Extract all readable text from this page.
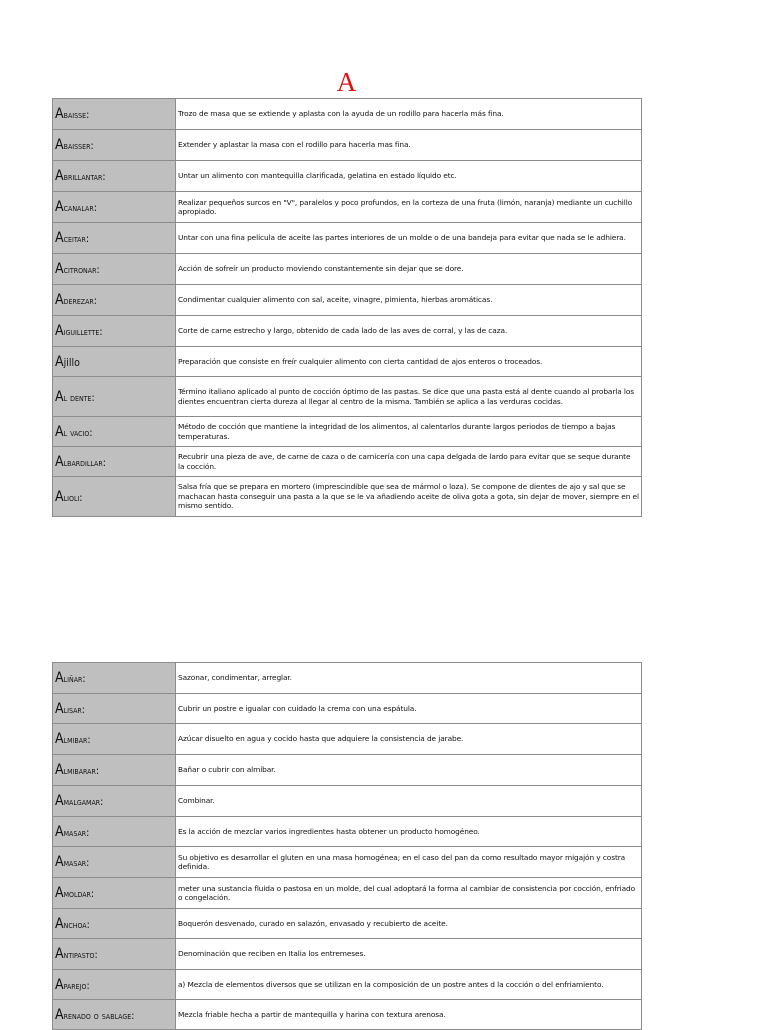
A
Abaisse:	Trozo de masa que se extiende y aplasta con la ayuda de un rodillo para hacerla más fina.
Abaisser:	Extender y aplastar la masa con el rodillo para hacerla mas fina.
Abrillantar:	Untar un alimento con mantequilla clarificada, gelatina en estado líquido etc.
Acanalar:	Realizar pequeños surcos en "V", paralelos y poco profundos, en la corteza de una fruta (limón, naranja) mediante un cuchillo apropiado.
Aceitar:	Untar con una fina película de aceite las partes interiores de un molde o de una bandeja para evitar que nada se le adhiera.
Acitronar:	Acción de sofreír un producto moviendo constantemente sin dejar que se dore.
Aderezar:	Condimentar cualquier alimento con sal, aceite, vinagre, pimienta, hierbas aromáticas.
Aiguillette:	Corte de carne estrecho y largo, obtenido de cada lado de las aves de corral, y las de caza.
Ajillo	Preparación que consiste en freír cualquier alimento con cierta cantidad de ajos enteros o troceados.
Al dente:	Término italiano aplicado al punto de cocción óptimo de las pastas. Se dice que una pasta está al dente cuando al probarla los dientes encuentran cierta dureza al llegar al centro de la misma. También se aplica a las verduras cocidas.
Al vacio:	Método de cocción que mantiene la integridad de los alimentos, al calentarlos durante largos periodos de tiempo a bajas temperaturas.
Albardillar:	Recubrir una pieza de ave, de carne de caza o de carnicería con una capa delgada de lardo para evitar que se seque durante la cocción.
Alioli:	Salsa fría que se prepara en mortero (imprescindible que sea de mármol o loza). Se compone de dientes de ajo y sal que se machacan hasta conseguir una pasta a la que se le va añadiendo aceite de oliva gota a gota, sin dejar de mover, siempre en el mismo sentido.
Aliñar:	Sazonar, condimentar, arreglar.
Alisar:	Cubrir un postre e igualar con cuidado la crema con una espátula.
Almibar:	Azúcar disuelto en agua y cocido hasta que adquiere la consistencia de jarabe.
Almibarar:	Bañar o cubrir con almíbar.
Amalgamar:	Combinar.
Amasar:	Es la acción de mezclar varios ingredientes hasta obtener un producto homogéneo.
Amasar:	Su objetivo es desarrollar el gluten en una masa homogénea; en el caso del pan da como resultado mayor migajón y costra definida.
Amoldar:	meter una sustancia fluida o pastosa en un molde, del cual adoptará la forma al cambiar de consistencia por cocción, enfriado o congelación.
Anchoa:	Boquerón desvenado, curado en salazón, envasado y recubierto de aceite.
Antipasto:	Denominación que reciben en Italia los entremeses.
Aparejo:	a) Mezcla de elementos diversos que se utilizan en la composición de un postre antes d la cocción o del enfriamiento.
Arenado o sablage:	Mezcla friable hecha a partir de mantequilla y harina con textura arenosa.
